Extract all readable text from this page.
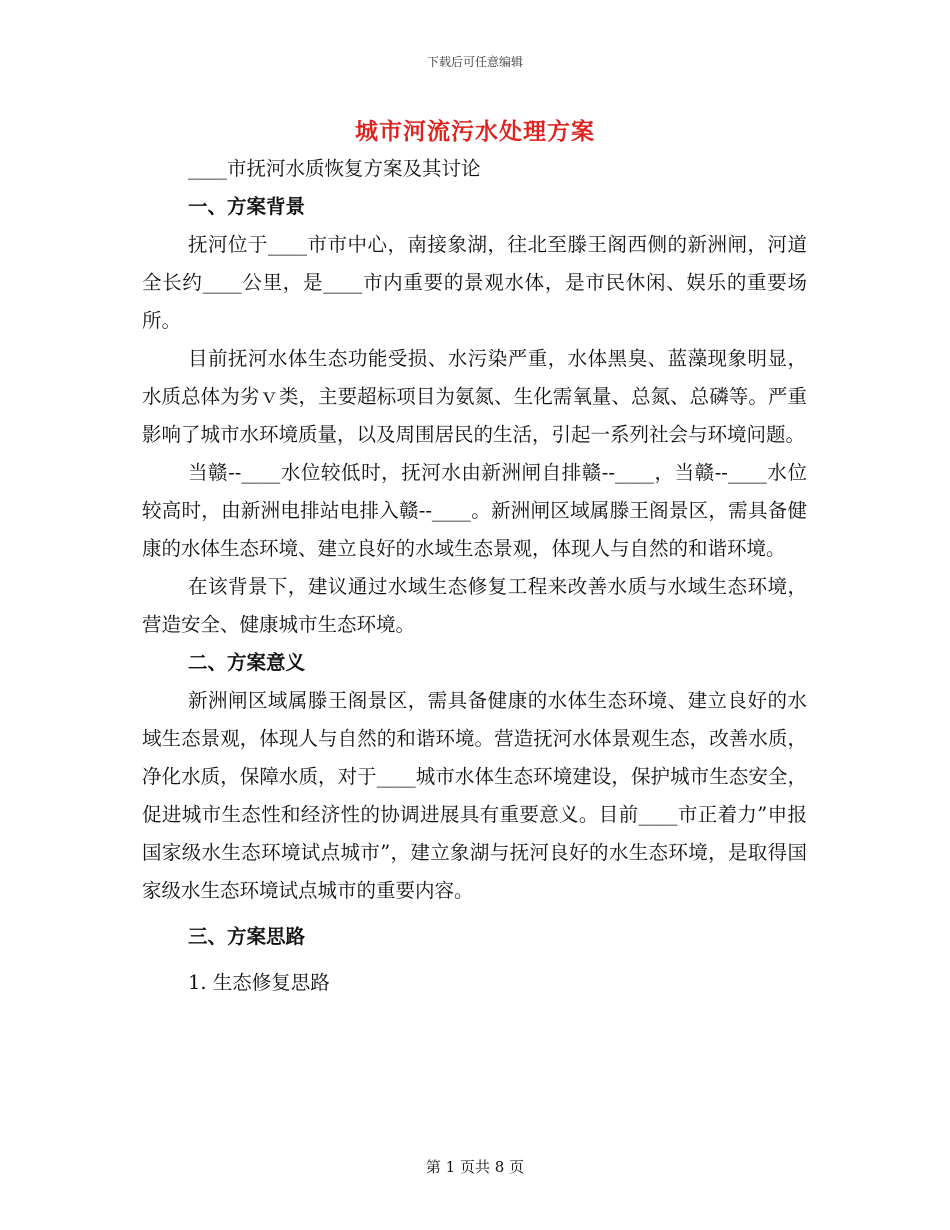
下载后可任意编辑
城市河流污水处理方案

____市抚河水质恢复方案及其讨论

一、方案背景

抚河位于____市市中心，南接象湖，往北至滕王阁西侧的新洲闸，河道全长约____公里，是____市内重要的景观水体，是市民休闲、娱乐的重要场所。

目前抚河水体生态功能受损、水污染严重，水体黑臭、蓝藻现象明显，水质总体为劣ｖ类，主要超标项目为氨氮、生化需氧量、总氮、总磷等。严重影响了城市水环境质量，以及周围居民的生活，引起一系列社会与环境问题。

当赣--____水位较低时，抚河水由新洲闸自排赣--____，当赣--____水位较高时，由新洲电排站电排入赣--____。新洲闸区域属滕王阁景区，需具备健康的水体生态环境、建立良好的水域生态景观，体现人与自然的和谐环境。

在该背景下，建议通过水域生态修复工程来改善水质与水域生态环境，营造安全、健康城市生态环境。

二、方案意义

新洲闸区域属滕王阁景区，需具备健康的水体生态环境、建立良好的水域生态景观，体现人与自然的和谐环境。营造抚河水体景观生态，改善水质，净化水质，保障水质，对于____城市水体生态环境建设，保护城市生态安全，促进城市生态性和经济性的协调进展具有重要意义。目前____市正着力”申报国家级水生态环境试点城市”，建立象湖与抚河良好的水生态环境，是取得国家级水生态环境试点城市的重要内容。

三、方案思路

1. 生态修复思路

第 1 页共 8 页
